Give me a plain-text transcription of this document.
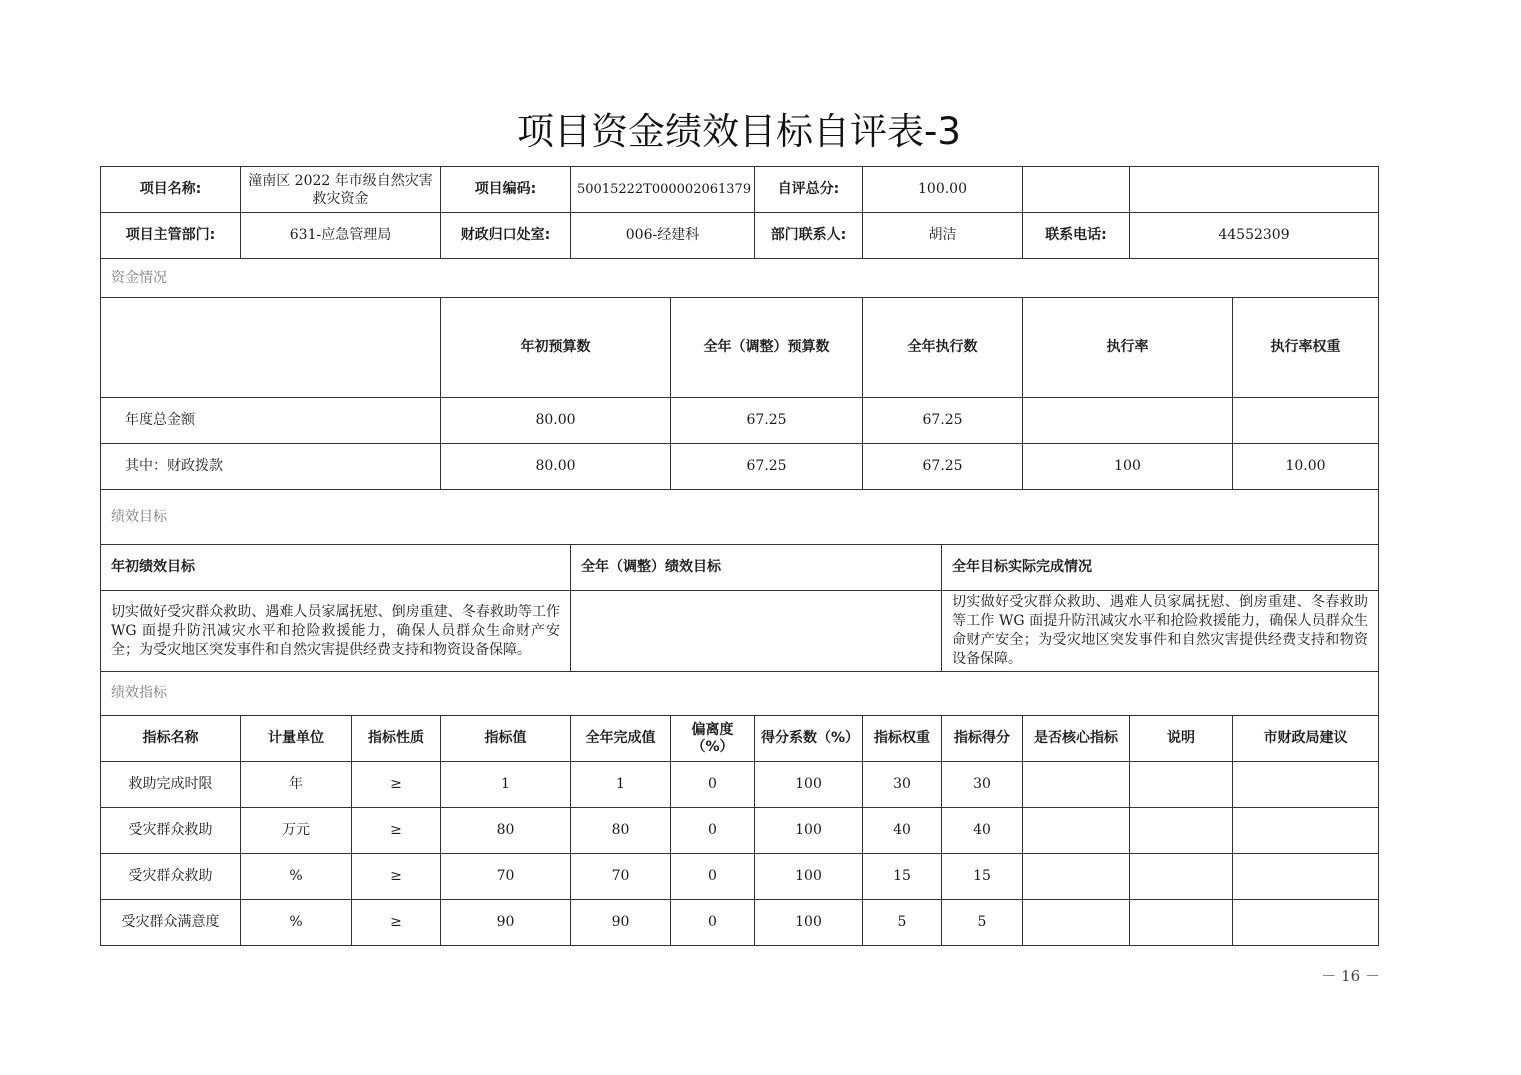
项目资金绩效目标自评表-3
项目名称:	潼南区 2022 年市级自然灾害救灾资金		项目编码:	50015222T000002061379		自评总分:	100.00					
项目主管部门:	631-应急管理局		财政归口处室:	006-经建科		部门联系人:	胡洁		联系电话:	44552309		
资金情况												
			年初预算数		全年（调整）预算数		全年执行数		执行率		执行率权重	
年度总金额			80.00		67.25		67.25					
其中：财政拨款			80.00		67.25		67.25		100		10.00	
绩效目标												
年初绩效目标				全年（调整）绩效目标				全年目标实际完成情况				
切实做好受灾群众救助、遇难人员家属抚慰、倒房重建、冬春救助等工作 WG 面提升防汛减灾水平和抢险救援能力，确保人员群众生命财产安全；为受灾地区突发事件和自然灾害提供经费支持和物资设备保障。								切实做好受灾群众救助、遇难人员家属抚慰、倒房重建、冬春救助等工作 WG 面提升防汛减灾水平和抢险救援能力，确保人员群众生命财产安全；为受灾地区突发事件和自然灾害提供经费支持和物资设备保障。				
绩效指标												
指标名称	计量单位	指标性质	指标值	全年完成值	偏离度（%）	得分系数（%）	指标权重	指标得分	是否核心指标	说明	市财政局建议	
救助完成时限	年	≥	1	1	0	100	30	30				
受灾群众救助	万元	≥	80	80	0	100	40	40				
受灾群众救助	%	≥	70	70	0	100	15	15				
受灾群众满意度	%	≥	90	90	0	100	5	5				
－ 16 －
